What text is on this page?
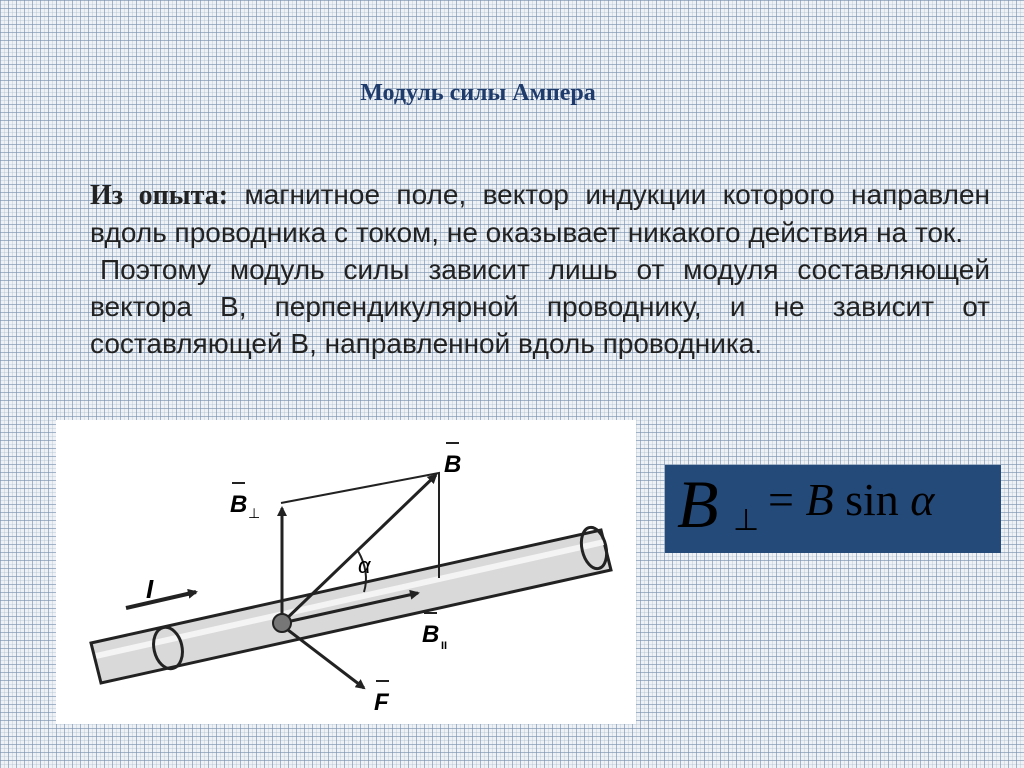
Модуль силы Ампера

Из опыта: магнитное поле, вектор индукции которого направлен вдоль проводника с током, не оказывает никакого действия на ток.

Поэтому модуль силы зависит лишь от модуля составляющей вектора В, перпендикулярной проводнику, и не зависит от составляющей В, направленной вдоль проводника.

I
α
B
B ⊥
B II
F
B ⊥ = B sin α
